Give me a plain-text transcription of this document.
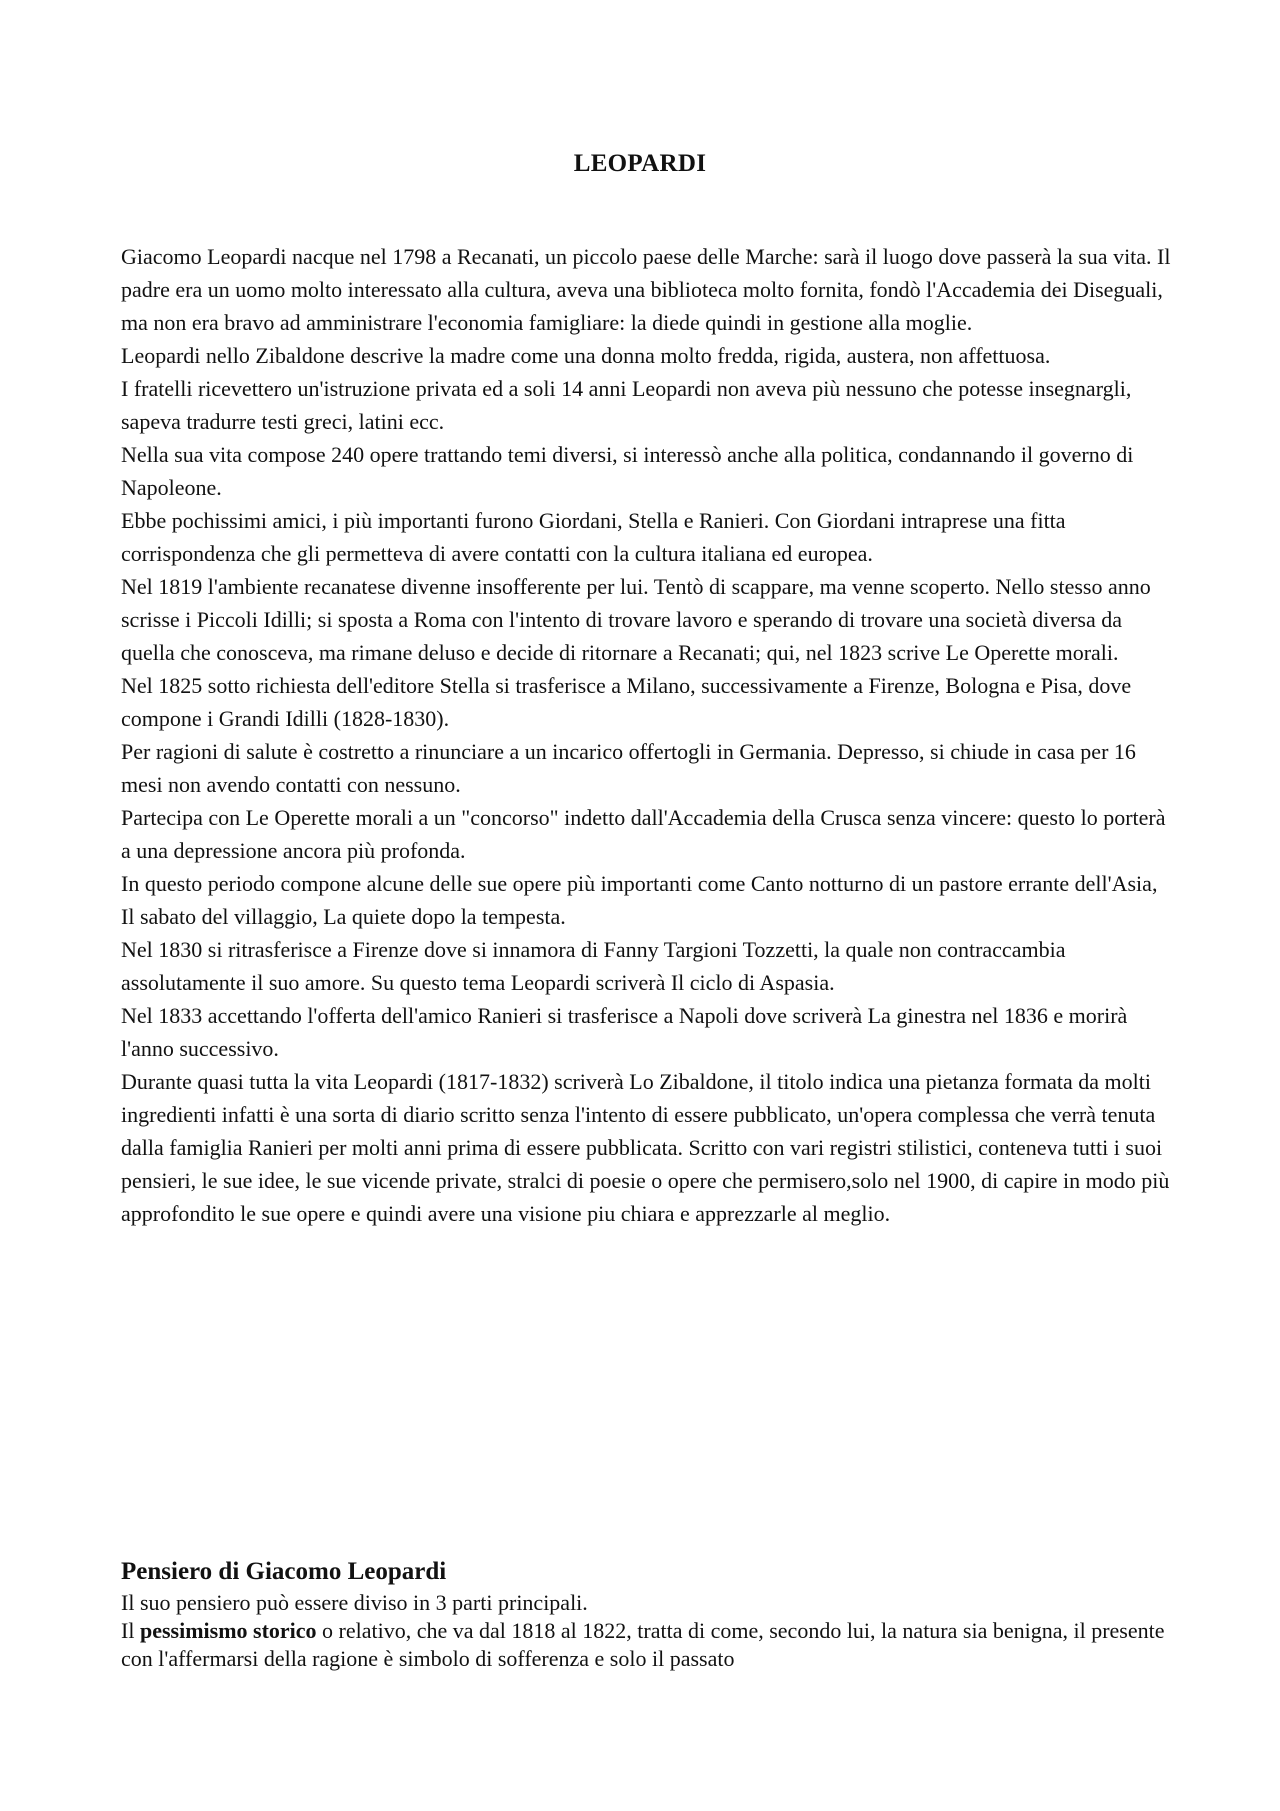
LEOPARDI

Giacomo Leopardi nacque nel 1798 a Recanati, un piccolo paese delle Marche: sarà il luogo dove passerà la sua vita. Il padre era un uomo molto interessato alla cultura, aveva una biblioteca molto fornita, fondò l'Accademia dei Diseguali, ma non era bravo ad amministrare l'economia famigliare: la diede quindi in gestione alla moglie.

Leopardi nello Zibaldone descrive la madre come una donna molto fredda, rigida, austera, non affettuosa.

I fratelli ricevettero un'istruzione privata ed a soli 14 anni Leopardi non aveva più nessuno che potesse insegnargli, sapeva tradurre testi greci, latini ecc.

Nella sua vita compose 240 opere trattando temi diversi, si interessò anche alla politica, condannando il governo di Napoleone.

Ebbe pochissimi amici, i più importanti furono Giordani, Stella e Ranieri. Con Giordani intraprese una fitta corrispondenza che gli permetteva di avere contatti con la cultura italiana ed europea.

Nel 1819 l'ambiente recanatese divenne insofferente per lui. Tentò di scappare, ma venne scoperto. Nello stesso anno scrisse i Piccoli Idilli; si sposta a Roma con l'intento di trovare lavoro e sperando di trovare una società diversa da quella che conosceva, ma rimane deluso e decide di ritornare a Recanati; qui, nel 1823 scrive Le Operette morali.

Nel 1825 sotto richiesta dell'editore Stella si trasferisce a Milano, successivamente a Firenze, Bologna e Pisa, dove compone i Grandi Idilli (1828-1830).

Per ragioni di salute è costretto a rinunciare a un incarico offertogli in Germania. Depresso, si chiude in casa per 16 mesi non avendo contatti con nessuno.

Partecipa con Le Operette morali a un "concorso" indetto dall'Accademia della Crusca senza vincere: questo lo porterà a una depressione ancora più profonda.

In questo periodo compone alcune delle sue opere più importanti come Canto notturno di un pastore errante dell'Asia, Il sabato del villaggio, La quiete dopo la tempesta.

Nel 1830 si ritrasferisce a Firenze dove si innamora di Fanny Targioni Tozzetti, la quale non contraccambia assolutamente il suo amore. Su questo tema Leopardi scriverà Il ciclo di Aspasia.

Nel 1833 accettando l'offerta dell'amico Ranieri si trasferisce a Napoli dove scriverà La ginestra nel 1836 e morirà l'anno successivo.

Durante quasi tutta la vita Leopardi (1817-1832) scriverà Lo Zibaldone, il titolo indica una pietanza formata da molti ingredienti infatti è una sorta di diario scritto senza l'intento di essere pubblicato, un'opera complessa che verrà tenuta dalla famiglia Ranieri per molti anni prima di essere pubblicata. Scritto con vari registri stilistici, conteneva tutti i suoi pensieri, le sue idee, le sue vicende private, stralci di poesie o opere che permisero,solo nel 1900, di capire in modo più approfondito le sue opere e quindi avere una visione piu chiara e apprezzarle al meglio.

Pensiero di Giacomo Leopardi

Il suo pensiero può essere diviso in 3 parti principali.

Il pessimismo storico o relativo, che va dal 1818 al 1822, tratta di come, secondo lui, la natura sia benigna, il presente con l'affermarsi della ragione è simbolo di sofferenza e solo il passato
